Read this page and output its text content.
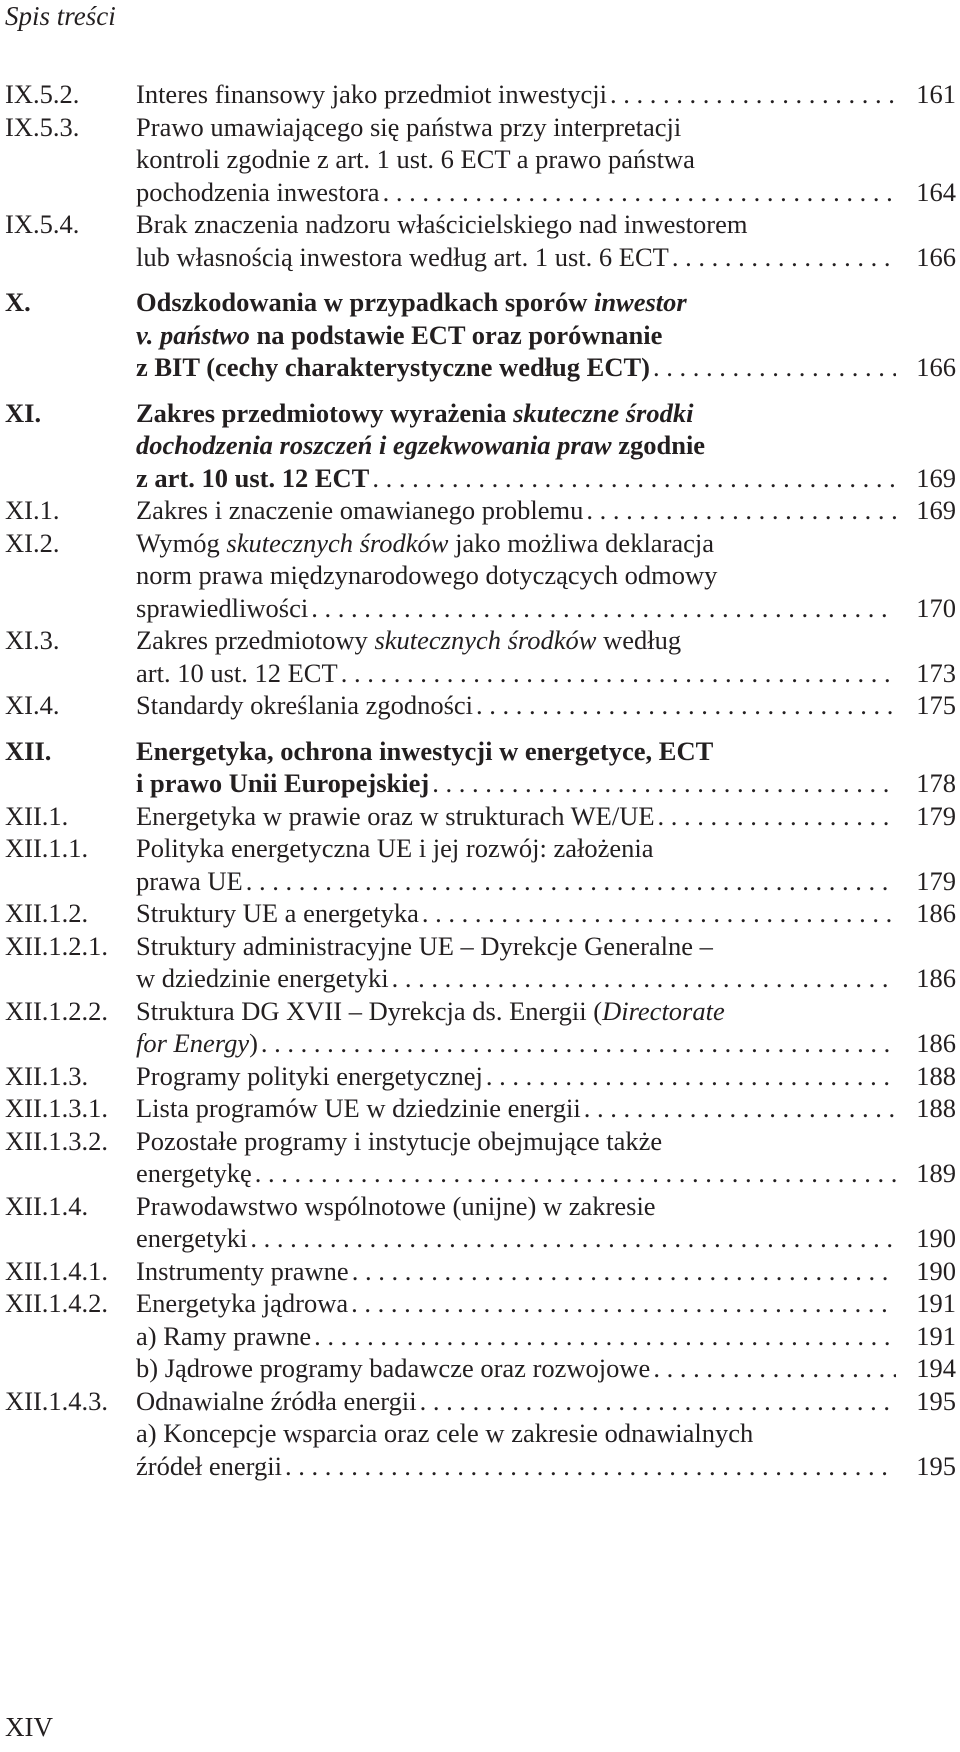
Spis treści
IX.5.2.	Interes finansowy jako przedmiot inwestycji . . .	161
IX.5.3.	Prawo umawiającego się państwa przy interpretacji
kontroli zgodnie z art. 1 ust. 6 ECT a prawo państwa
pochodzenia inwestora . . .	164
IX.5.4.	Brak znaczenia nadzoru właścicielskiego nad inwestorem
lub własnością inwestora według art. 1 ust. 6 ECT . . .	166
X.	Odszkodowania w przypadkach sporów inwestor
v. państwo na podstawie ECT oraz porównanie
z BIT (cechy charakterystyczne według ECT) . . .	166
XI.	Zakres przedmiotowy wyrażenia skuteczne środki
dochodzenia roszczeń i egzekwowania praw zgodnie
z art. 10 ust. 12 ECT . . .	169
XI.1.	Zakres i znaczenie omawianego problemu . . .	169
XI.2.	Wymóg skutecznych środków jako możliwa deklaracja
norm prawa międzynarodowego dotyczących odmowy
sprawiedliwości . . .	170
XI.3.	Zakres przedmiotowy skutecznych środków według
art. 10 ust. 12 ECT . . .	173
XI.4.	Standardy określania zgodności . . .	175
XII.	Energetyka, ochrona inwestycji w energetyce, ECT
i prawo Unii Europejskiej . . .	178
XII.1.	Energetyka w prawie oraz w strukturach WE/UE . . .	179
XII.1.1.	Polityka energetyczna UE i jej rozwój: założenia
prawa UE . . .	179
XII.1.2.	Struktury UE a energetyka . . .	186
XII.1.2.1.	Struktury administracyjne UE – Dyrekcje Generalne –
w dziedzinie energetyki . . .	186
XII.1.2.2.	Struktura DG XVII – Dyrekcja ds. Energii (Directorate
for Energy) . . .	186
XII.1.3.	Programy polityki energetycznej . . .	188
XII.1.3.1.	Lista programów UE w dziedzinie energii . . .	188
XII.1.3.2.	Pozostałe programy i instytucje obejmujące także
energetykę . . .	189
XII.1.4.	Prawodawstwo wspólnotowe (unijne) w zakresie
energetyki . . .	190
XII.1.4.1.	Instrumenty prawne . . .	190
XII.1.4.2.	Energetyka jądrowa . . .	191
a) Ramy prawne . . .	191
b) Jądrowe programy badawcze oraz rozwojowe . . .	194
XII.1.4.3.	Odnawialne źródła energii . . .	195
a) Koncepcje wsparcia oraz cele w zakresie odnawialnych
źródeł energii . . .	195
XIV
